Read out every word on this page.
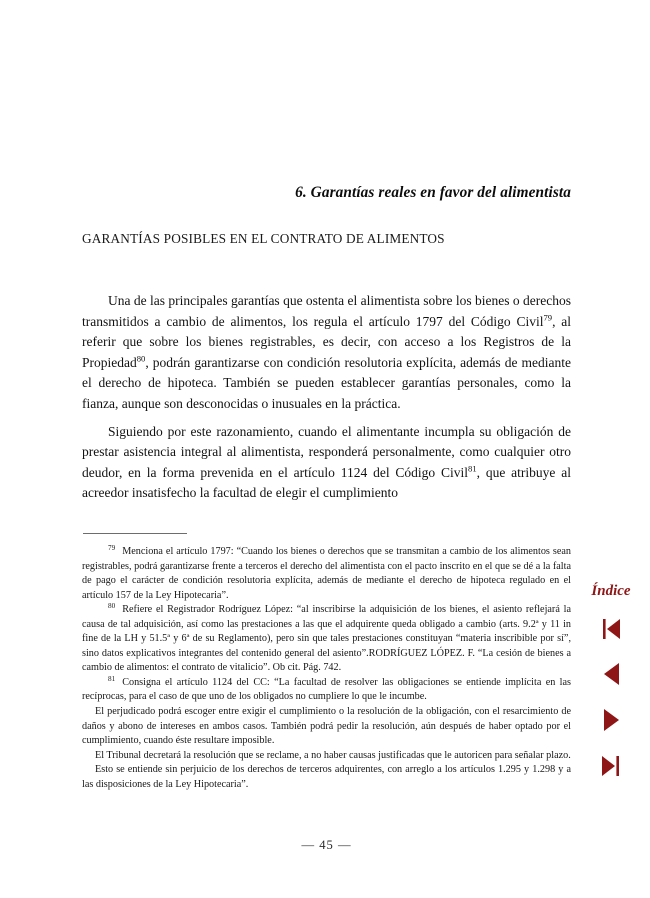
6. Garantías reales en favor del alimentista
GARANTÍAS POSIBLES EN EL CONTRATO DE ALIMENTOS

Una de las principales garantías que ostenta el alimentista sobre los bienes o derechos transmitidos a cambio de alimentos, los regula el artículo 1797 del Código Civil$^{79}$, al referir que sobre los bienes registrables, es decir, con acceso a los Registros de la Propiedad$^{80}$, podrán garantizarse con condición resolutoria explícita, además de mediante el derecho de hipoteca. También se pueden establecer garantías personales, como la fianza, aunque son desconocidas o inusuales en la práctica.

Siguiendo por este razonamiento, cuando el alimentante incumpla su obligación de prestar asistencia integral al alimentista, responderá personalmente, como cualquier otro deudor, en la forma prevenida en el artículo 1124 del Código Civil$^{81}$, que atribuye al acreedor insatisfecho la facultad de elegir el cumplimiento

$^{79}$ Menciona el artículo 1797: “Cuando los bienes o derechos que se transmitan a cambio de los alimentos sean registrables, podrá garantizarse frente a terceros el derecho del alimentista con el pacto inscrito en el que se dé a la falta de pago el carácter de condición resolutoria explícita, además de mediante el derecho de hipoteca regulado en el artículo 157 de la Ley Hipotecaria”.

$^{80}$ Refiere el Registrador Rodríguez López: “al inscribirse la adquisición de los bienes, el asiento reflejará la causa de tal adquisición, así como las prestaciones a las que el adquirente queda obligado a cambio (arts. 9.2ª y 11 in fine de la LH y 51.5ª y 6ª de su Reglamento), pero sin que tales prestaciones constituyan “materia inscribible por sí”, sino datos explicativos integrantes del contenido general del asiento”.RODRÍGUEZ LÓPEZ. F. “La cesión de bienes a cambio de alimentos: el contrato de vitalicio”. Ob cit. Pág. 742.

$^{81}$ Consigna el artículo 1124 del CC: “La facultad de resolver las obligaciones se entiende implícita en las recíprocas, para el caso de que uno de los obligados no cumpliere lo que le incumbe.

El perjudicado podrá escoger entre exigir el cumplimiento o la resolución de la obligación, con el resarcimiento de daños y abono de intereses en ambos casos. También podrá pedir la resolución, aún después de haber optado por el cumplimiento, cuando éste resultare imposible.

El Tribunal decretará la resolución que se reclame, a no haber causas justificadas que le autoricen para señalar plazo.

Esto se entiende sin perjuicio de los derechos de terceros adquirentes, con arreglo a los artículos 1.295 y 1.298 y a las disposiciones de la Ley Hipotecaria”.

Índice
— 45 —
